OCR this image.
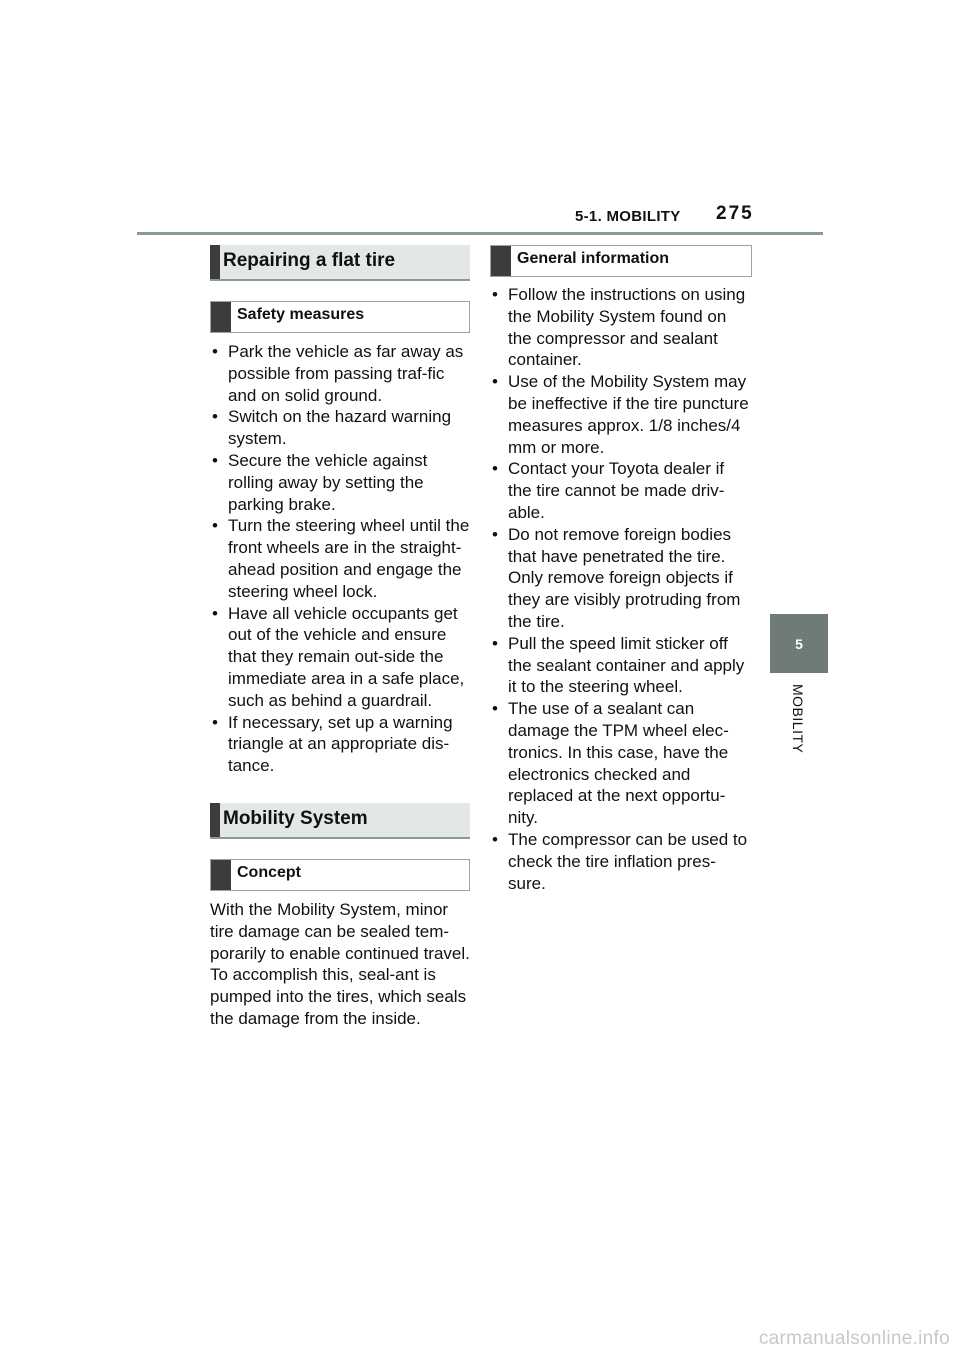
5-1. MOBILITY 275
5
MOBILITY
Repairing a flat tire
Safety measures
• Park the vehicle as far away as possible from passing traf-fic and on solid ground.
• Switch on the hazard warning system.
• Secure the vehicle against rolling away by setting the parking brake.
• Turn the steering wheel until the front wheels are in the straight-ahead position and engage the steering wheel lock.
• Have all vehicle occupants get out of the vehicle and ensure that they remain out-side the immediate area in a safe place, such as behind a guardrail.
• If necessary, set up a warning triangle at an appropriate dis-tance.
Mobility System
Concept

With the Mobility System, minor tire damage can be sealed tem-porarily to enable continued travel. To accomplish this, seal-ant is pumped into the tires, which seals the damage from the inside.

General information
• Follow the instructions on using the Mobility System found on the compressor and sealant container.
• Use of the Mobility System may be ineffective if the tire puncture measures approx. 1/8 inches/4 mm or more.
• Contact your Toyota dealer if the tire cannot be made driv-able.
• Do not remove foreign bodies that have penetrated the tire. Only remove foreign objects if they are visibly protruding from the tire.
• Pull the speed limit sticker off the sealant container and apply it to the steering wheel.
• The use of a sealant can damage the TPM wheel elec-tronics. In this case, have the electronics checked and replaced at the next opportu-nity.
• The compressor can be used to check the tire inflation pres-sure.
carmanualsonline.info
